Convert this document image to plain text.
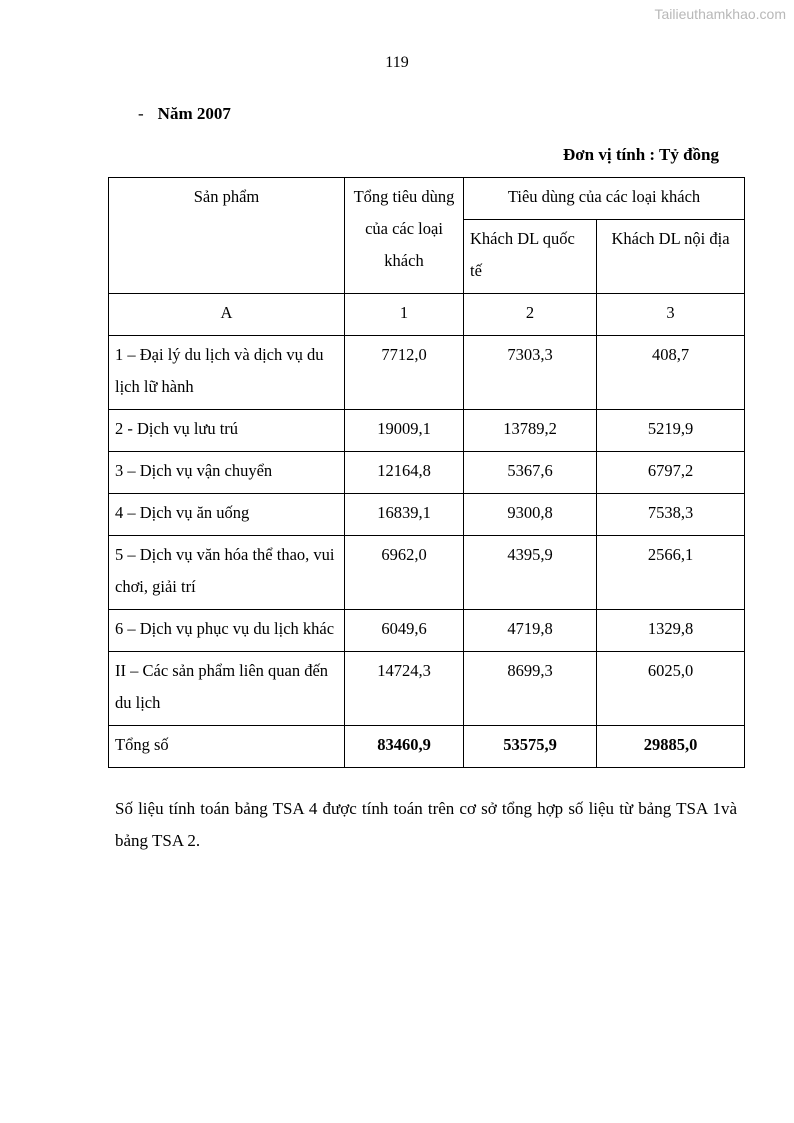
Tailieuthamkhao.com
119
- Năm 2007
Đơn vị tính : Tỷ đồng
Sản phẩm	Tổng tiêu dùng của các loại khách	Tiêu dùng của các loại khách	
		Khách DL quốc tế	Khách DL nội địa
A	1	2	3
1 – Đại lý du lịch và dịch vụ du lịch lữ hành	7712,0	7303,3	408,7
2 - Dịch vụ lưu trú	19009,1	13789,2	5219,9
3 – Dịch vụ vận chuyển	12164,8	5367,6	6797,2
4 – Dịch vụ ăn uống	16839,1	9300,8	7538,3
5 – Dịch vụ văn hóa thể thao, vui chơi, giải trí	6962,0	4395,9	2566,1
6 – Dịch vụ phục vụ du lịch khác	6049,6	4719,8	1329,8
II – Các sản phẩm liên quan đến du lịch	14724,3	8699,3	6025,0
Tổng số	83460,9	53575,9	29885,0
Số liệu tính toán bảng TSA 4 được tính toán trên cơ sở tổng hợp số liệu từ bảng TSA 1và bảng TSA 2.
